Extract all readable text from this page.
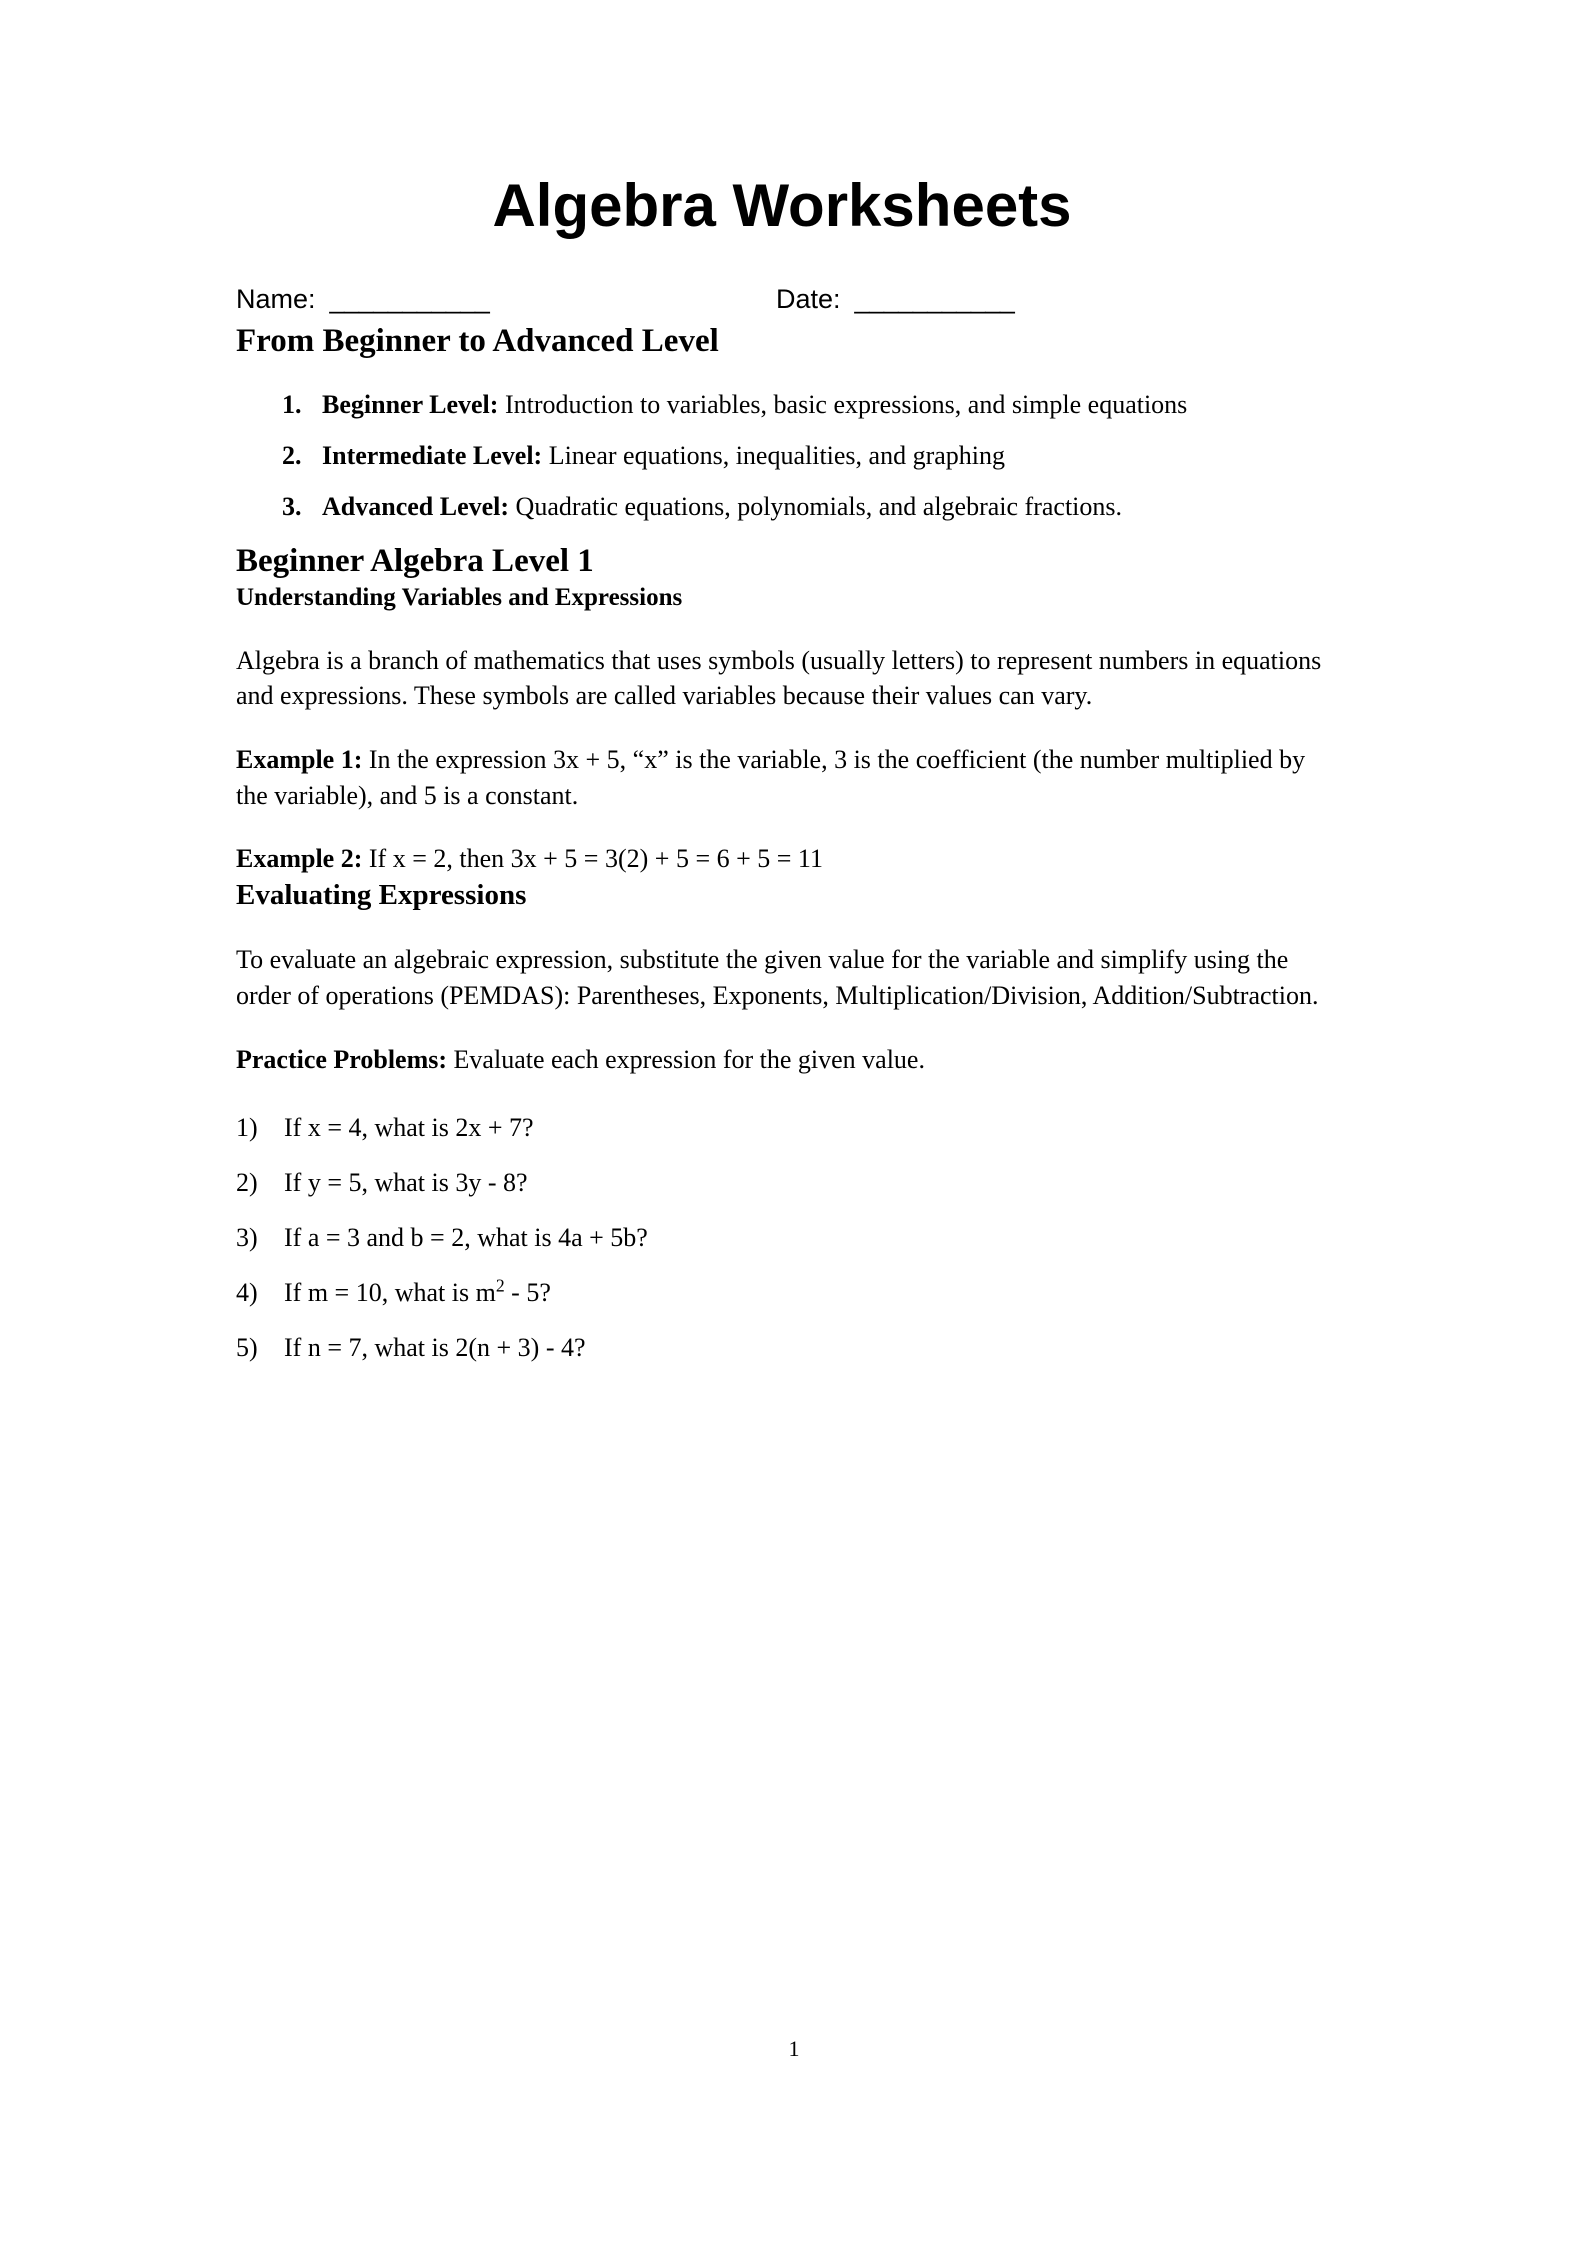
Algebra Worksheets

Name:  ___________

	Date:  ___________

From Beginner to Advanced Level
1. Beginner Level: Introduction to variables, basic expressions, and simple equations
2. Intermediate Level: Linear equations, inequalities, and graphing
3. Advanced Level: Quadratic equations, polynomials, and algebraic fractions.
Beginner Algebra Level 1
Understanding Variables and Expressions

Algebra is a branch of mathematics that uses symbols (usually letters) to represent numbers in equations and expressions. These symbols are called variables because their values can vary.

Example 1: In the expression 3x + 5, “x” is the variable, 3 is the coefficient (the number multiplied by the variable), and 5 is a constant.

Example 2: If x = 2, then 3x + 5 = 3(2) + 5 = 6 + 5 = 11

Evaluating Expressions

To evaluate an algebraic expression, substitute the given value for the variable and simplify using the order of operations (PEMDAS): Parentheses, Exponents, Multiplication/Division, Addition/Subtraction.

Practice Problems: Evaluate each expression for the given value.

1) If x = 4, what is 2x + 7?
2) If y = 5, what is 3y - 8?
3) If a = 3 and b = 2, what is 4a + 5b?
4) If m = 10, what is $m^2 - 5$?
5) If n = 7, what is 2(n + 3) - 4?
1
